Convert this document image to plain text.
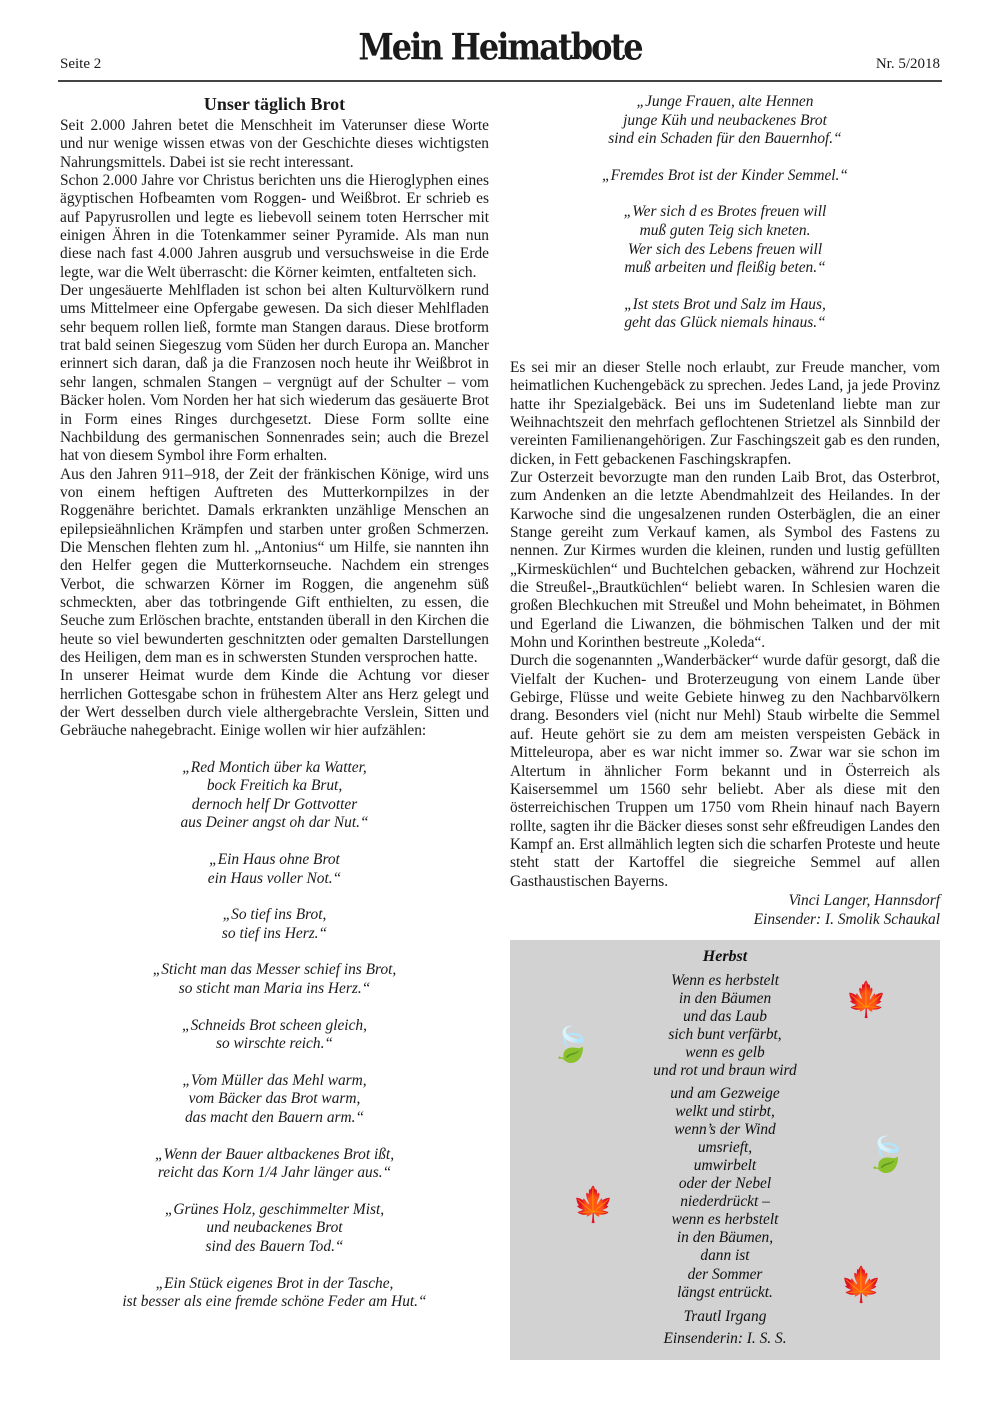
Seite 2	Mein Heimatbote	Nr. 5/2018
Unser täglich Brot

Seit 2.000 Jahren betet die Menschheit im Vaterunser diese Worte und nur wenige wissen etwas von der Geschichte dieses wichtigsten Nahrungsmittels. Dabei ist sie recht interessant.

Schon 2.000 Jahre vor Christus berichten uns die Hieroglyphen eines ägyptischen Hofbeamten vom Roggen- und Weißbrot. Er schrieb es auf Papyrusrollen und legte es liebevoll seinem toten Herrscher mit einigen Ähren in die Totenkammer seiner Pyramide. Als man nun diese nach fast 4.000 Jahren ausgrub und versuchsweise in die Erde legte, war die Welt überrascht: die Körner keimten, entfalteten sich.

Der ungesäuerte Mehlfladen ist schon bei alten Kulturvölkern rund ums Mittelmeer eine Opfergabe gewesen. Da sich dieser Mehlfladen sehr bequem rollen ließ, formte man Stangen daraus. Diese brotform trat bald seinen Siegeszug vom Süden her durch Europa an. Mancher erinnert sich daran, daß ja die Franzosen noch heute ihr Weißbrot in sehr langen, schmalen Stangen – vergnügt auf der Schulter – vom Bäcker holen. Vom Norden her hat sich wiederum das gesäuerte Brot in Form eines Ringes durchgesetzt. Diese Form sollte eine Nachbildung des germanischen Sonnenrades sein; auch die Brezel hat von diesem Symbol ihre Form erhalten.

Aus den Jahren 911–918, der Zeit der fränkischen Könige, wird uns von einem heftigen Auftreten des Mutterkornpilzes in der Roggenähre berichtet. Damals erkrankten unzählige Menschen an epilepsieähnlichen Krämpfen und starben unter großen Schmerzen. Die Menschen flehten zum hl. „Antonius“ um Hilfe, sie nannten ihn den Helfer gegen die Mutterkornseuche. Nachdem ein strenges Verbot, die schwarzen Körner im Roggen, die angenehm süß schmeckten, aber das totbringende Gift enthielten, zu essen, die Seuche zum Erlöschen brachte, entstanden überall in den Kirchen die heute so viel bewunderten geschnitzten oder gemalten Darstellungen des Heiligen, dem man es in schwersten Stunden versprochen hatte.

In unserer Heimat wurde dem Kinde die Achtung vor dieser herrlichen Gottesgabe schon in frühestem Alter ans Herz gelegt und der Wert desselben durch viele althergebrachte Verslein, Sitten und Gebräuche nahegebracht. Einige wollen wir hier aufzählen:

„Red Montich über ka Watter,
bock Freitich ka Brut,
dernoch helf Dr Gottvotter
aus Deiner angst oh dar Nut.“
„Ein Haus ohne Brot
ein Haus voller Not.“
„So tief ins Brot,
so tief ins Herz.“
„Sticht man das Messer schief ins Brot,
so sticht man Maria ins Herz.“
„Schneids Brot scheen gleich,
so wirschte reich.“
„Vom Müller das Mehl warm,
vom Bäcker das Brot warm,
das macht den Bauern arm.“
„Wenn der Bauer altbackenes Brot ißt,
reicht das Korn 1/4 Jahr länger aus.“
„Grünes Holz, geschimmelter Mist,
und neubackenes Brot
sind des Bauern Tod.“
„Ein Stück eigenes Brot in der Tasche,
ist besser als eine fremde schöne Feder am Hut.“
„Junge Frauen, alte Hennen
junge Küh und neubackenes Brot
sind ein Schaden für den Bauernhof.“
„Fremdes Brot ist der Kinder Semmel.“
„Wer sich d es Brotes freuen will
muß guten Teig sich kneten.
Wer sich des Lebens freuen will
muß arbeiten und fleißig beten.“
„Ist stets Brot und Salz im Haus,
geht das Glück niemals hinaus.“

Es sei mir an dieser Stelle noch erlaubt, zur Freude mancher, vom heimatlichen Kuchengebäck zu sprechen. Jedes Land, ja jede Provinz hatte ihr Spezialgebäck. Bei uns im Sudetenland liebte man zur Weihnachtszeit den mehrfach geflochtenen Strietzel als Sinnbild der vereinten Familienangehörigen. Zur Faschingszeit gab es den runden, dicken, in Fett gebackenen Faschingskrapfen.

Zur Osterzeit bevorzugte man den runden Laib Brot, das Osterbrot, zum Andenken an die letzte Abendmahlzeit des Heilandes. In der Karwoche sind die ungesalzenen runden Osterbäglen, die an einer Stange gereiht zum Verkauf kamen, als Symbol des Fastens zu nennen. Zur Kirmes wurden die kleinen, runden und lustig gefüllten „Kirmesküchlen“ und Buchtelchen gebacken, während zur Hochzeit die Streußel-„Brautküchlen“ beliebt waren. In Schlesien waren die großen Blechkuchen mit Streußel und Mohn beheimatet, in Böhmen und Egerland die Liwanzen, die böhmischen Talken und der mit Mohn und Korinthen bestreute „Koleda“.

Durch die sogenannten „Wanderbäcker“ wurde dafür gesorgt, daß die Vielfalt der Kuchen- und Broterzeugung von einem Lande über Gebirge, Flüsse und weite Gebiete hinweg zu den Nachbarvölkern drang. Besonders viel (nicht nur Mehl) Staub wirbelte die Semmel auf. Heute gehört sie zu dem am meisten verspeisten Gebäck in Mitteleuropa, aber es war nicht immer so. Zwar war sie schon im Altertum in ähnlicher Form bekannt und in Österreich als Kaisersemmel um 1560 sehr beliebt. Aber als diese mit den österreichischen Truppen um 1750 vom Rhein hinauf nach Bayern rollte, sagten ihr die Bäcker dieses sonst sehr eßfreudigen Landes den Kampf an. Erst allmählich legten sich die scharfen Proteste und heute steht statt der Kartoffel die siegreiche Semmel auf allen Gasthaustischen Bayerns.

Vinci Langer, Hannsdorf
Einsender: I. Smolik Schaukal
🍃
🍁
🍃
🍁
🍁
Herbst
Wenn es herbstelt
in den Bäumen
und das Laub
sich bunt verfärbt,
wenn es gelb
und rot und braun wird
und am Gezweige
welkt und stirbt,
wenn’s der Wind
umsrieft,
umwirbelt
oder der Nebel
niederdrückt –
wenn es herbstelt
in den Bäumen,
dann ist
der Sommer
längst entrückt.
Trautl Irgang
Einsenderin: I. S. S.
